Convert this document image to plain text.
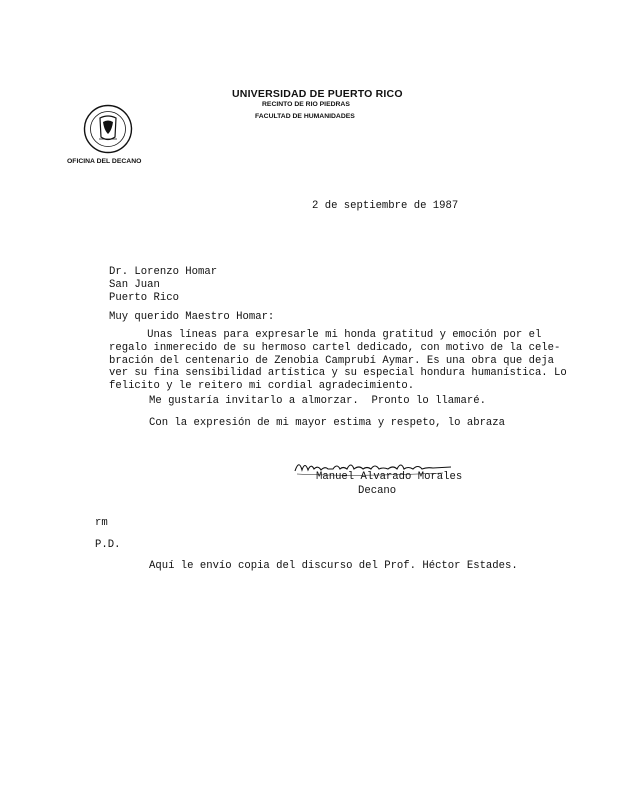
UNIVERSIDAD DE PUERTO RICO
RECINTO DE RIO PIEDRAS
FACULTAD DE HUMANIDADES
OFICINA DEL DECANO
2 de septiembre de 1987
Dr. Lorenzo Homar
San Juan
Puerto Rico
Muy querido Maestro Homar:
Unas líneas para expresarle mi honda gratitud y emoción por el
regalo inmerecido de su hermoso cartel dedicado, con motivo de la cele-
bración del centenario de Zenobia Camprubí Aymar. Es una obra que deja
ver su fina sensibilidad artística y su especial hondura humanística. Lo
felicito y le reitero mi cordial agradecimiento.
Me gustaría invitarlo a almorzar.  Pronto lo llamaré.
Con la expresión de mi mayor estima y respeto, lo abraza
Manuel Alvarado Morales
Decano
rm
P.D.
Aquí le envío copia del discurso del Prof. Héctor Estades.
